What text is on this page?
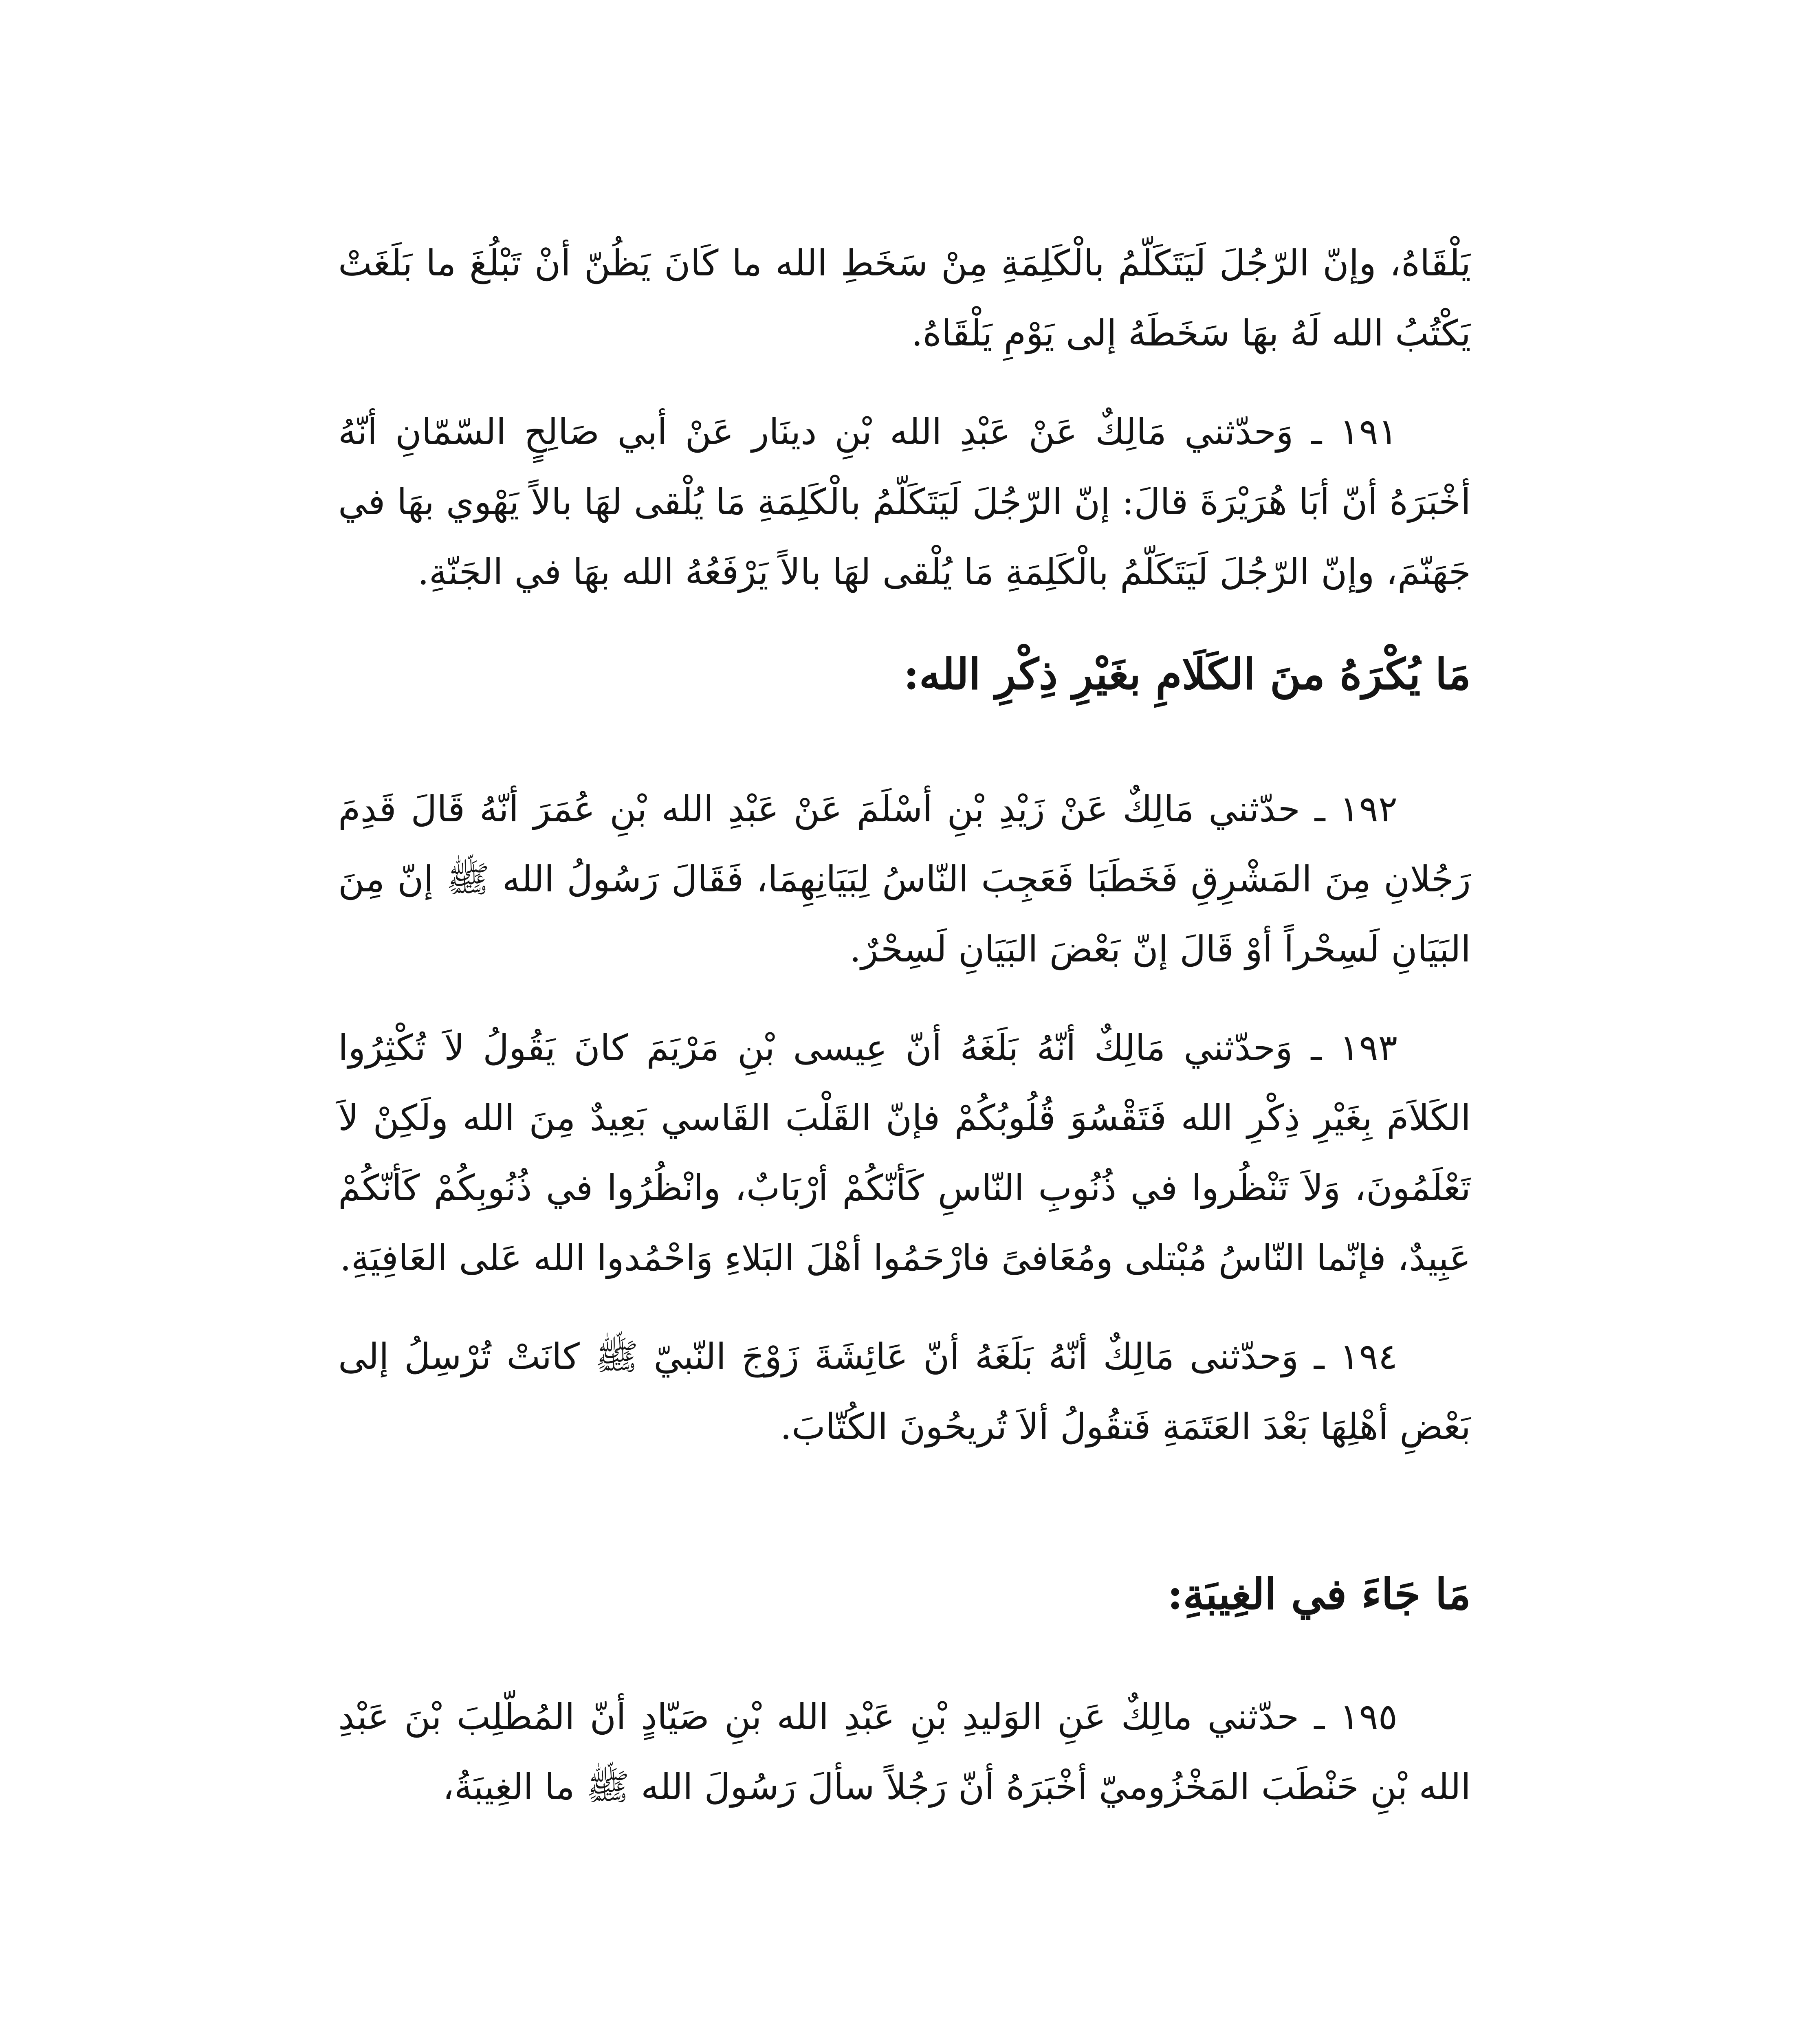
يَلْقَاهُ، وإنّ الرّجُلَ لَيَتَكَلّمُ بالْكَلِمَةِ مِنْ سَخَطِ الله ما كَانَ يَظُنّ أنْ تَبْلُغَ ما بَلَغَتْ يَكْتُبُ الله لَهُ بهَا سَخَطَهُ إلى يَوْمِ يَلْقَاهُ.

١٩١ ـ وَحدّثني مَالِكٌ عَنْ عَبْدِ الله بْنِ دينَار عَنْ أبي صَالِحٍ السّمّانِ أنّهُ أخْبَرَهُ أنّ أبَا هُرَيْرَةَ قالَ: إنّ الرّجُلَ لَيَتَكَلّمُ بالْكَلِمَةِ مَا يُلْقى لهَا بالاً يَهْوي بهَا في جَهَنّمَ، وإنّ الرّجُلَ لَيَتَكَلّمُ بالْكَلِمَةِ مَا يُلْقى لهَا بالاً يَرْفَعُهُ الله بهَا في الجَنّةِ.

مَا يُكْرَهُ منَ الكَلَامِ بغَيْرِ ذِكْرِ الله:

١٩٢ ـ حدّثني مَالِكٌ عَنْ زَيْدِ بْنِ أسْلَمَ عَنْ عَبْدِ الله بْنِ عُمَرَ أنّهُ قَالَ قَدِمَ رَجُلانِ مِنَ المَشْرِقِ فَخَطَبَا فَعَجِبَ النّاسُ لِبَيَانِهِمَا، فَقَالَ رَسُولُ الله ﷺ إنّ مِنَ البَيَانِ لَسِحْراً أوْ قَالَ إنّ بَعْضَ البَيَانِ لَسِحْرٌ.

١٩٣ ـ وَحدّثني مَالِكٌ أنّهُ بَلَغَهُ أنّ عِيسى بْنِ مَرْيَمَ كانَ يَقُولُ لاَ تُكْثِرُوا الكَلاَمَ بِغَيْرِ ذِكْرِ الله فَتَقْسُوَ قُلُوبُكُمْ فإنّ القَلْبَ القَاسي بَعِيدٌ مِنَ الله ولَكِنْ لاَ تَعْلَمُونَ، وَلاَ تَنْظُروا في ذُنُوبِ النّاسِ كَأنّكُمْ أرْبَابٌ، وانْظُرُوا في ذُنُوبِكُمْ كَأنّكُمْ عَبِيدٌ، فإنّما النّاسُ مُبْتلى ومُعَافىً فارْحَمُوا أهْلَ البَلاءِ وَاحْمُدوا الله عَلى العَافِيَةِ.

١٩٤ ـ وَحدّثنى مَالِكٌ أنّهُ بَلَغَهُ أنّ عَائِشَةَ زَوْجَ النّبيّ ﷺ كانَتْ تُرْسِلُ إلى بَعْضِ أهْلِهَا بَعْدَ العَتَمَةِ فَتقُولُ ألاَ تُريحُونَ الكُتّابَ.

مَا جَاءَ في الغِيبَةِ:

١٩٥ ـ حدّثني مالِكٌ عَنِ الوَليدِ بْنِ عَبْدِ الله بْنِ صَيّادٍ أنّ المُطّلِبَ بْنَ عَبْدِ الله بْنِ حَنْطَبَ المَخْزُوميّ أخْبَرَهُ أنّ رَجُلاً سألَ رَسُولَ الله ﷺ ما الغِيبَةُ،
